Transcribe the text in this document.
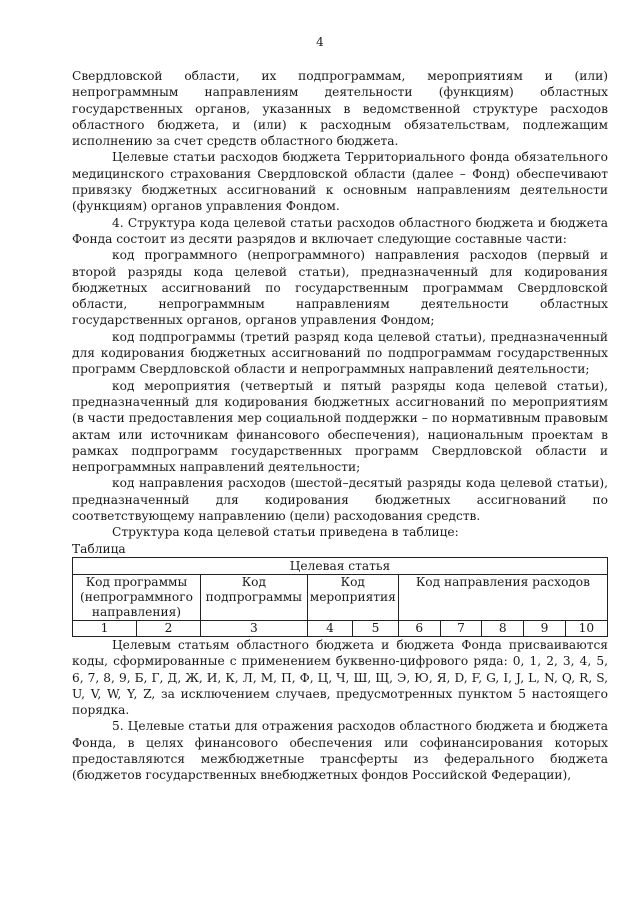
4

Свердловской области, их подпрограммам, мероприятиям и (или) непрограммным направлениям деятельности (функциям) областных государственных органов, указанных в ведомственной структуре расходов областного бюджета, и (или) к расходным обязательствам, подлежащим исполнению за счет средств областного бюджета.

Целевые статьи расходов бюджета Территориального фонда обязательного медицинского страхования Свердловской области (далее – Фонд) обеспечивают привязку бюджетных ассигнований к основным направлениям деятельности (функциям) органов управления Фондом.

4. Структура кода целевой статьи расходов областного бюджета и бюджета Фонда состоит из десяти разрядов и включает следующие составные части:

код программного (непрограммного) направления расходов (первый и второй разряды кода целевой статьи), предназначенный для кодирования бюджетных ассигнований по государственным программам Свердловской области, непрограммным направлениям деятельности областных государственных органов, органов управления Фондом;

код подпрограммы (третий разряд кода целевой статьи), предназначенный для кодирования бюджетных ассигнований по подпрограммам государственных программ Свердловской области и непрограммных направлений деятельности;

код мероприятия (четвертый и пятый разряды кода целевой статьи), предназначенный для кодирования бюджетных ассигнований по мероприятиям (в части предоставления мер социальной поддержки – по нормативным правовым актам или источникам финансового обеспечения), национальным проектам в рамках подпрограмм государственных программ Свердловской области и непрограммных направлений деятельности;

код направления расходов (шестой–десятый разряды кода целевой статьи), предназначенный для кодирования бюджетных ассигнований по соответствующему направлению (цели) расходования средств.

Структура кода целевой статьи приведена в таблице:

Таблица

Целевая статья									
Код программы (непрограммного направления)		Код подпрограммы	Код мероприятия		Код направления расходов				
1	2	3	4	5	6	7	8	9	10

Целевым статьям областного бюджета и бюджета Фонда присваиваются коды, сформированные с применением буквенно-цифрового ряда: 0, 1, 2, 3, 4, 5, 6, 7, 8, 9, Б, Г, Д, Ж, И, К, Л, М, П, Ф, Ц, Ч, Ш, Щ, Э, Ю, Я, D, F, G, I, J, L, N, Q, R, S, U, V, W, Y, Z, за исключением случаев, предусмотренных пунктом 5 настоящего порядка.

5. Целевые статьи для отражения расходов областного бюджета и бюджета Фонда, в целях финансового обеспечения или софинансирования которых предоставляются межбюджетные трансферты из федерального бюджета (бюджетов государственных внебюджетных фондов Российской Федерации),
